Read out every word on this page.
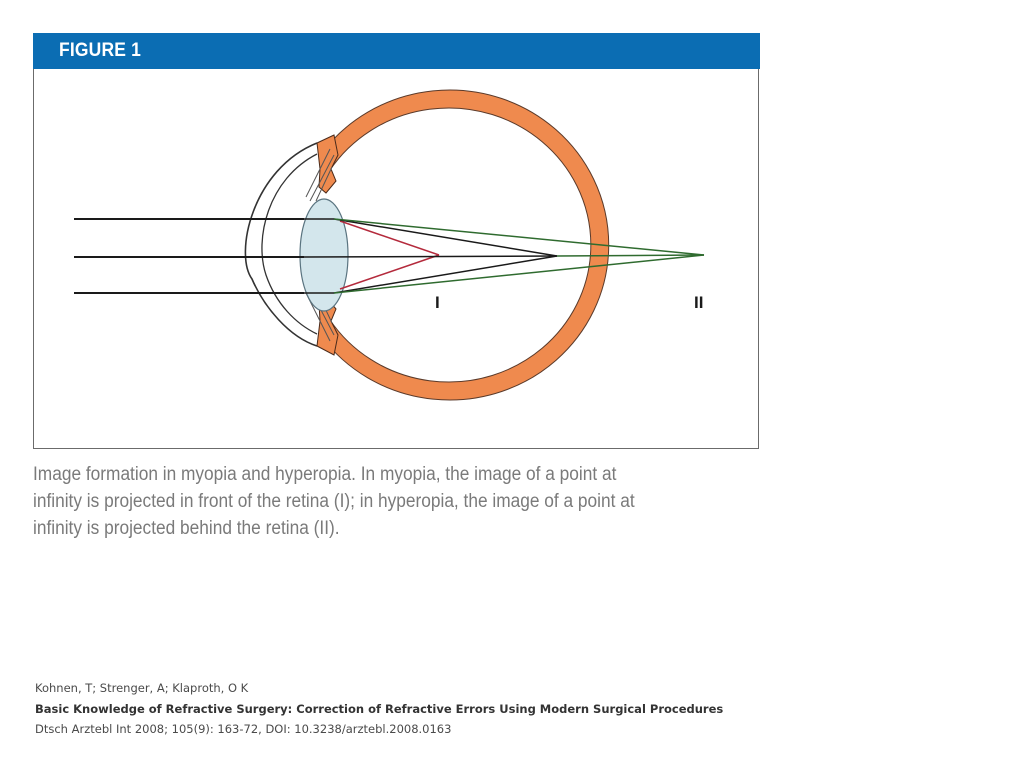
FIGURE 1
I	II
Image formation in myopia and hyperopia. In myopia, the image of a point at infinity is projected in front of the retina (I); in hyperopia, the image of a point at infinity is projected behind the retina (II).
Kohnen, T; Strenger, A; Klaproth, O K
Basic Knowledge of Refractive Surgery: Correction of Refractive Errors Using Modern Surgical Procedures
Dtsch Arztebl Int 2008; 105(9): 163-72, DOI: 10.3238/arztebl.2008.0163
